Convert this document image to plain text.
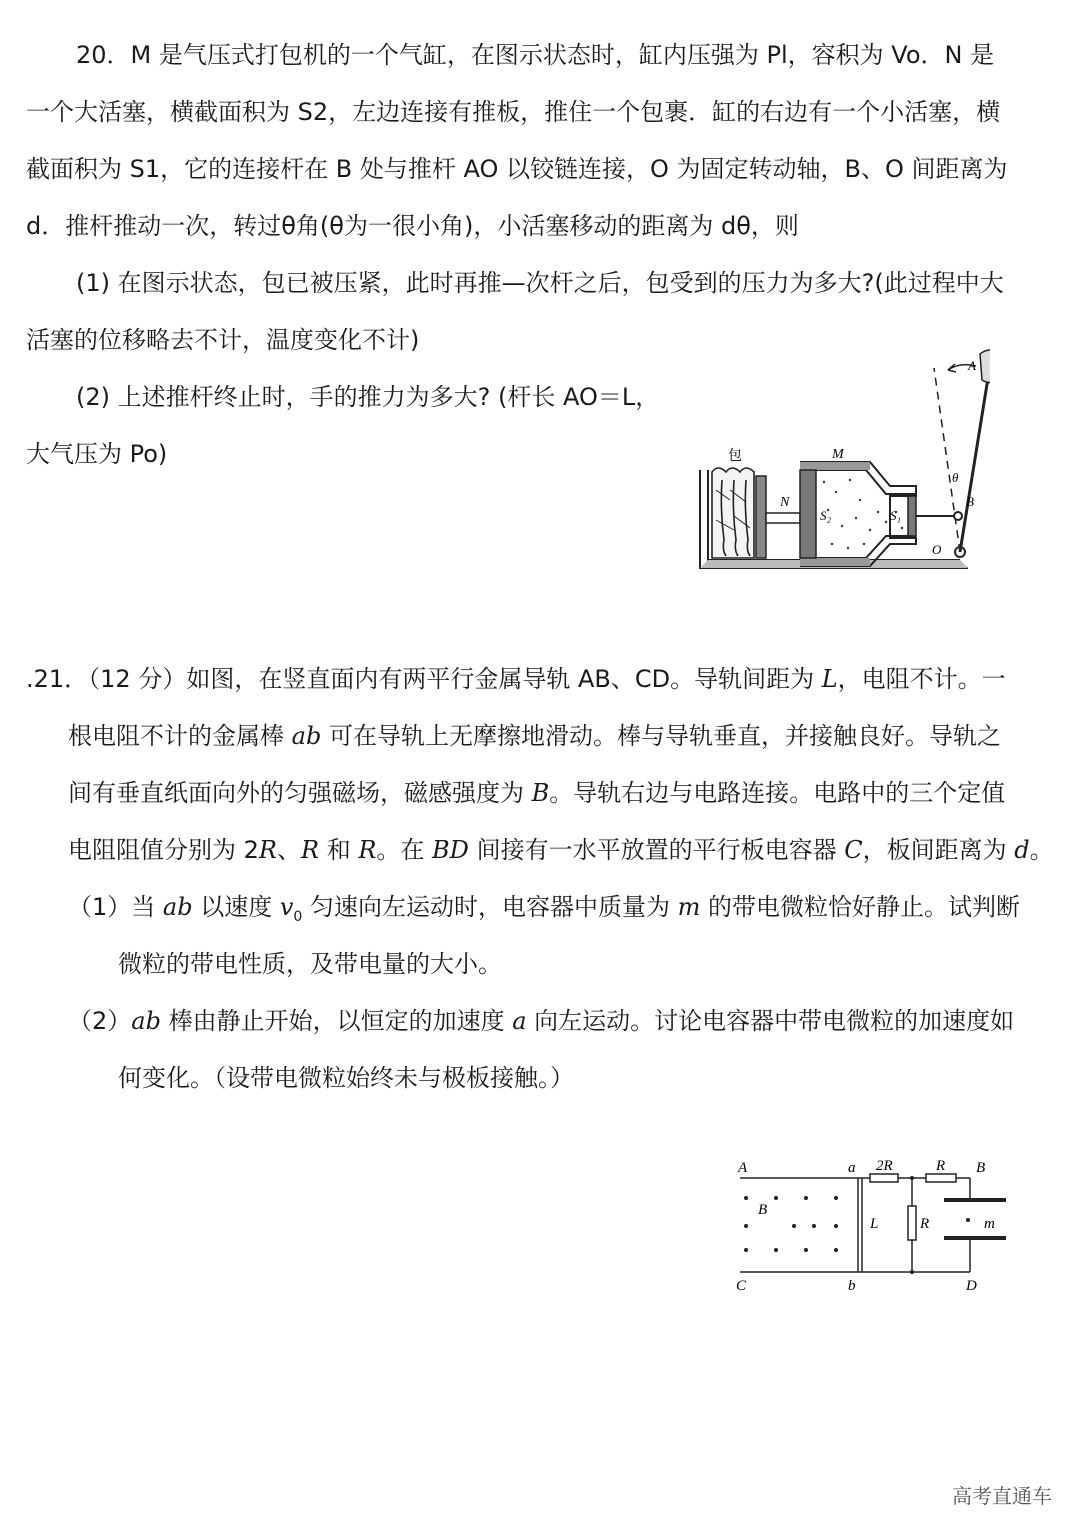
20．M 是气压式打包机的一个气缸，在图示状态时，缸内压强为 Pl，容积为 Vo．N 是
一个大活塞，横截面积为 S2，左边连接有推板，推住一个包裹．缸的右边有一个小活塞，横
截面积为 S1，它的连接杆在 B 处与推杆 AO 以铰链连接，O 为固定转动轴，B、O 间距离为
d．推杆推动一次，转过θ角(θ为一很小角)，小活塞移动的距离为 dθ，则
(1) 在图示状态，包已被压紧，此时再推—次杆之后，包受到的压力为多大?(此过程中大
活塞的位移略去不计，温度变化不计)
(2) 上述推杆终止时，手的推力为多大? (杆长 AO＝L，
大气压为 Po)	包	M
N
S₂	S₁
A
B
O
θ
.21．（12 分）如图，在竖直面内有两平行金属导轨 AB、CD。导轨间距为 L，电阻不计。一
根电阻不计的金属棒 ab 可在导轨上无摩擦地滑动。棒与导轨垂直，并接触良好。导轨之
间有垂直纸面向外的匀强磁场，磁感强度为 B。导轨右边与电路连接。电路中的三个定值
电阻阻值分别为 2R、R 和 R。在 BD 间接有一水平放置的平行板电容器 C，板间距离为 d。
（1）当 ab 以速度 $v_0$ 匀速向左运动时，电容器中质量为 m 的带电微粒恰好静止。试判断
微粒的带电性质，及带电量的大小。
（2）ab 棒由静止开始，以恒定的加速度 a 向左运动。讨论电容器中带电微粒的加速度如
何变化。（设带电微粒始终未与极板接触。）
A	a 2R	R B
B
L	R	m
C	b	D
高考直通车
